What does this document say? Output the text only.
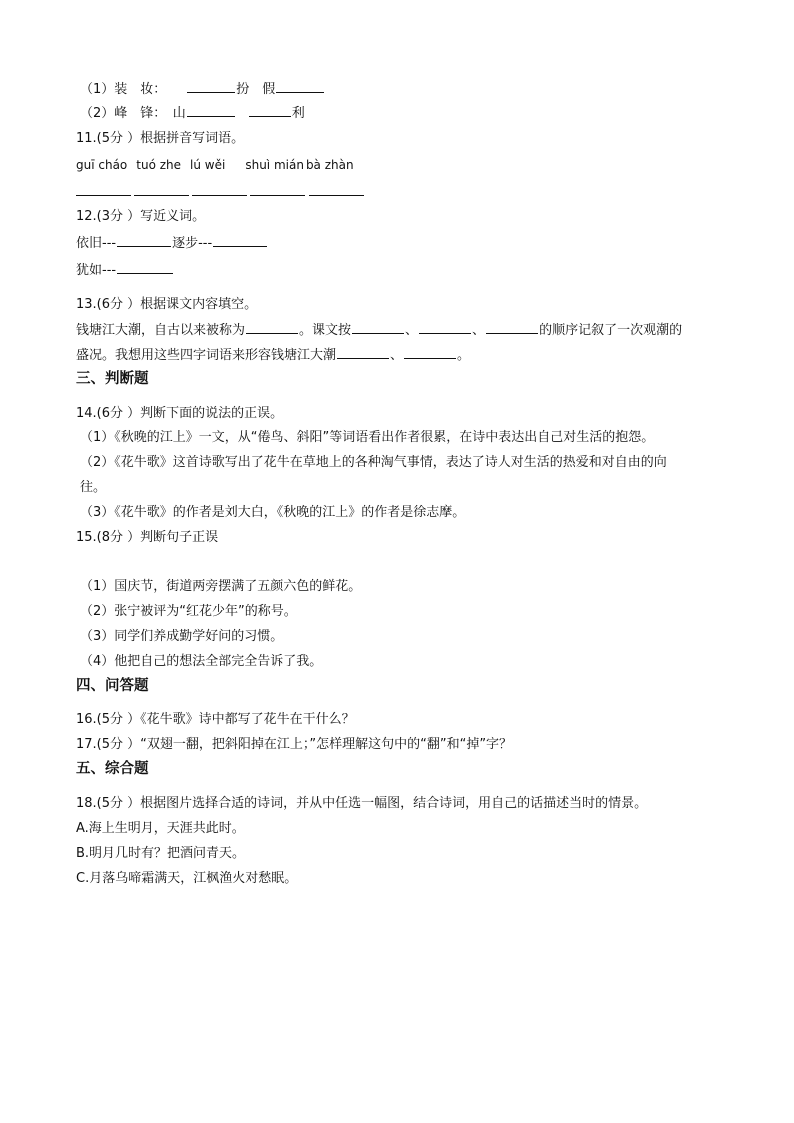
（1）装　妆：	扮　假
（2）峰　锋：　山	利
11.(5分 ）根据拼音写词语。
guī cháo tuó zhe lú wěi shuì mián bà zhàn
12.(3分 ）写近义词。
依旧---	逐步---
犹如---
13.(6分 ）根据课文内容填空。
钱塘江大潮，自古以来被称为	。课文按	、	、	的顺序记叙了一次观潮的
盛况。我想用这些四字词语来形容钱塘江大潮	、	。
三、判断题
14.(6分 ）判断下面的说法的正误。
（1）《秋晚的江上》一文，从“倦鸟、斜阳”等词语看出作者很累，在诗中表达出自己对生活的抱怨。
（2）《花牛歌》这首诗歌写出了花牛在草地上的各种淘气事情，表达了诗人对生活的热爱和对自由的向
往。
（3）《花牛歌》的作者是刘大白，《秋晚的江上》的作者是徐志摩。
15.(8分 ）判断句子正误
（1）国庆节，街道两旁摆满了五颜六色的鲜花。
（2）张宁被评为“红花少年”的称号。
（3）同学们养成勤学好问的习惯。
（4）他把自己的想法全部完全告诉了我。
四、问答题
16.(5分 ）《花牛歌》诗中都写了花牛在干什么？
17.(5分 ）“双翅一翻，把斜阳掉在江上；”怎样理解这句中的“翻”和“掉”字？
五、综合题
18.(5分 ）根据图片选择合适的诗词，并从中任选一幅图，结合诗词，用自己的话描述当时的情景。
A.海上生明月，天涯共此时。
B.明月几时有？把酒问青天。
C.月落乌啼霜满天，江枫渔火对愁眠。
